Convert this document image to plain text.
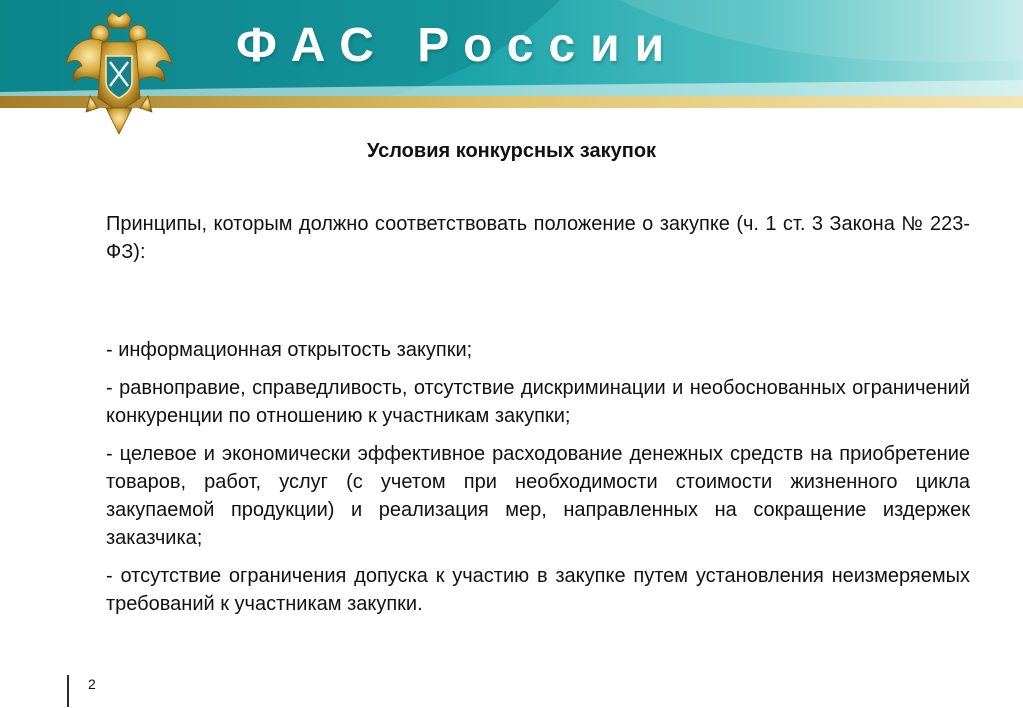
ФАС России
Условия конкурсных закупок

Принципы, которым должно соответствовать положение о закупке (ч. 1 ст. 3 Закона № 223-ФЗ):

- информационная открытость закупки;

- равноправие, справедливость, отсутствие дискриминации и необоснованных ограничений конкуренции по отношению к участникам закупки;

- целевое и экономически эффективное расходование денежных средств на приобретение товаров, работ, услуг (с учетом при необходимости стоимости жизненного цикла закупаемой продукции) и реализация мер, направленных на сокращение издержек заказчика;

- отсутствие ограничения допуска к участию в закупке путем установления неизмеряемых требований к участникам закупки.

2
